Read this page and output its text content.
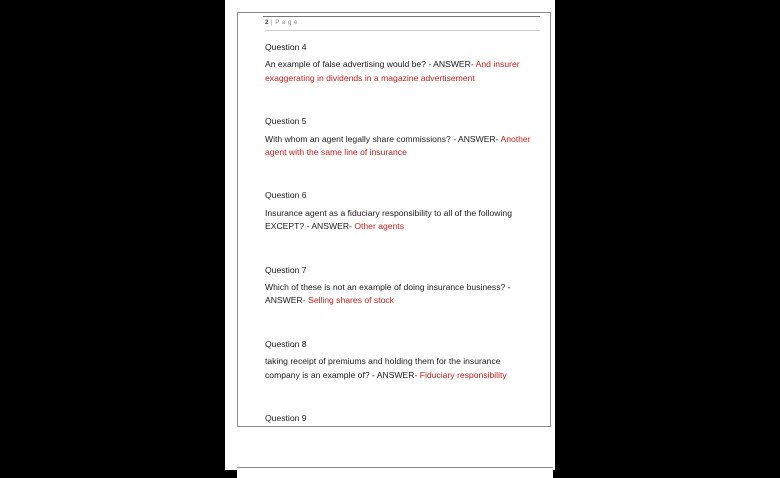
2 | P a g e
Question 4
An example of false advertising would be? - ANSWER- And insurer exaggerating in dividends in a magazine advertisement
Question 5
With whom an agent legally share commissions? - ANSWER- Another agent with the same line of insurance
Question 6
Insurance agent as a fiduciary responsibility to all of the following EXCEPT? - ANSWER- Other agents
Question 7
Which of these is not an example of doing insurance business? - ANSWER- Selling shares of stock
Question 8
taking receipt of premiums and holding them for the insurance company is an example of? - ANSWER- Fiduciary responsibility
Question 9
